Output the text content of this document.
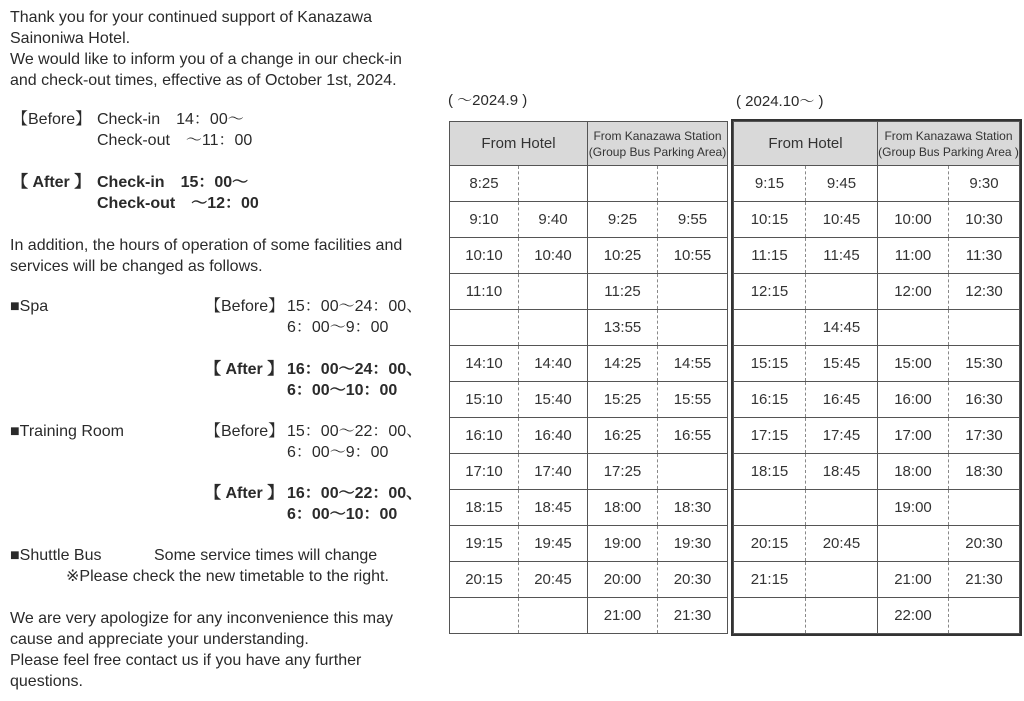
Thank you for your continued support of Kanazawa
Sainoniwa Hotel.
We would like to inform you of a change in our check-in
and check-out times, effective as of October 1st, 2024.
【Before】 Check-in　14：00～
Check-out　～11：00
【 After 】 Check-in　15：00～
Check-out　～12：00
In addition, the hours of operation of some facilities and
services will be changed as follows.
■Spa	【Before】 15：00～24：00、
6：00～9：00
【 After 】 16：00～24：00、
6：00～10：00
■Training Room	【Before】 15：00～22：00、
6：00～9：00
【 After 】 16：00～22：00、
6：00～10：00
■Shuttle Bus	Some service times will change
※Please check the new timetable to the right.
We are very apologize for any inconvenience this may
cause and appreciate your understanding.
Please feel free contact us if you have any further
questions.
( ～2024.9 )
From Hotel		From Kanazawa Station
(Group Bus Parking Area)	

8:25			
9:10	9:40	9:25	9:55
10:10	10:40	10:25	10:55
11:10		11:25	
		13:55	
14:10	14:40	14:25	14:55
15:10	15:40	15:25	15:55
16:10	16:40	16:25	16:55
17:10	17:40	17:25	
18:15	18:45	18:00	18:30
19:15	19:45	19:00	19:30
20:15	20:45	20:00	20:30
		21:00	21:30
( 2024.10～ )
From Hotel		From Kanazawa Station
(Group Bus Parking Area )	

9:15	9:45		9:30
10:15	10:45	10:00	10:30
11:15	11:45	11:00	11:30
12:15		12:00	12:30
	14:45		
15:15	15:45	15:00	15:30
16:15	16:45	16:00	16:30
17:15	17:45	17:00	17:30
18:15	18:45	18:00	18:30
		19:00	
20:15	20:45		20:30
21:15		21:00	21:30
		22:00	
